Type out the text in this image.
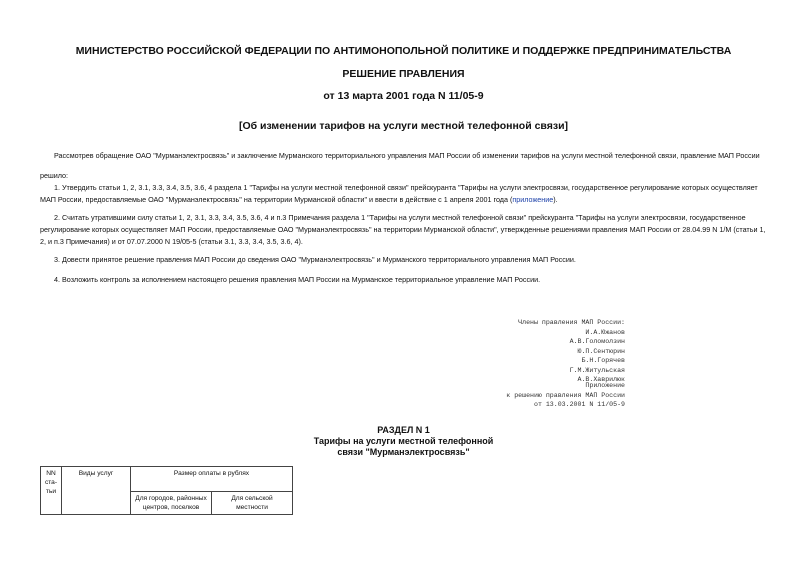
МИНИСТЕРСТВО РОССИЙСКОЙ ФЕДЕРАЦИИ ПО АНТИМОНОПОЛЬНОЙ ПОЛИТИКЕ И ПОДДЕРЖКЕ ПРЕДПРИНИМАТЕЛЬСТВА
РЕШЕНИЕ ПРАВЛЕНИЯ
от 13 марта 2001 года N 11/05-9
[Об изменении тарифов на услуги местной телефонной связи]
Рассмотрев обращение ОАО "Мурманэлектросвязь" и заключение Мурманского территориального управления МАП России об изменении тарифов на услуги местной телефонной связи, правление МАП России
решило:
1. Утвердить статьи 1, 2, 3.1, 3.3, 3.4, 3.5, 3.6, 4 раздела 1 "Тарифы на услуги местной телефонной связи" прейскуранта "Тарифы на услуги электросвязи, государственное регулирование которых осуществляет МАП России, предоставляемые ОАО "Мурманэлектросвязь" на территории Мурманской области" и ввести в действие с 1 апреля 2001 года (приложение).
2. Считать утратившими силу статьи 1, 2, 3.1, 3.3, 3.4, 3.5, 3.6, 4 и п.3 Примечания раздела 1 "Тарифы на услуги местной телефонной связи" прейскуранта "Тарифы на услуги электросвязи, государственное регулирование которых осуществляет МАП России, предоставляемые ОАО "Мурманэлектросвязь" на территории Мурманской области", утвержденные решениями правления МАП России от 28.04.99 N 1/М (статьи 1, 2, и п.3 Примечания) и от 07.07.2000 N 19/05-5 (статьи 3.1, 3.3, 3.4, 3.5, 3.6, 4).
3. Довести принятое решение правления МАП России до сведения ОАО "Мурманэлектросвязь" и Мурманского территориального управления МАП России.
4. Возложить контроль за исполнением настоящего решения правления МАП России на Мурманское территориальное управление МАП России.
Члены правления МАП России:
И.А.Южанов
А.В.Голомолзин
Ю.П.Сентюрин
Б.Н.Горячев
Г.М.Житульская
А.В.Хаврилюк
Приложение
к решению правления МАП России
от 13.03.2001 N 11/05-9
РАЗДЕЛ N 1
Тарифы на услуги местной телефонной
связи "Мурманэлектросвязь"
NN ста- тьи	Виды услуг	Размер оплаты в рублях	
		Для городов, районных центров, поселков	Для сельской местности
